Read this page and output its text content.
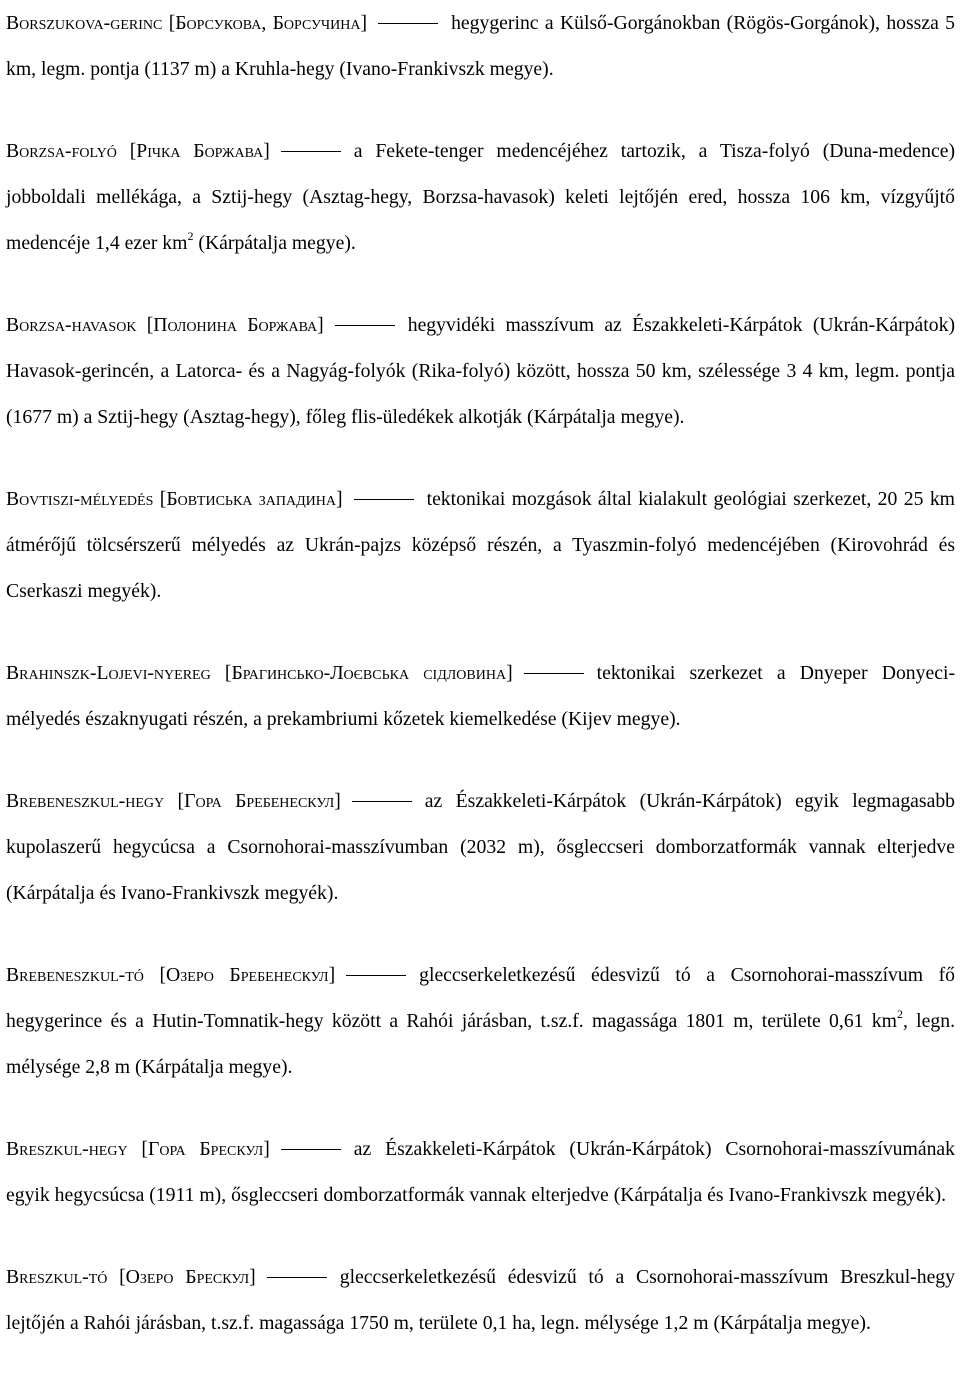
Borszukova-gerinc [Борсукова, Борсучина]	hegygerinc a Külső-Gorgánokban (Rögös-Gorgánok), hossza 5 km, legm. pontja (1137 m) a Kruhla-hegy (Ivano-Frankivszk megye).

Borzsa-folyó [Річка Боржава]	a Fekete-tenger medencéjéhez tartozik, a Tisza-folyó (Duna-medence) jobboldali mellékága, a Sztij-hegy (Asztag-hegy, Borzsa-havasok) keleti lejtőjén ered, hossza 106 km, vízgyűjtő medencéje 1,4 ezer $km^2$ (Kárpátalja megye).

Borzsa-havasok [Полонина Боржава]	hegyvidéki masszívum az Északkeleti-Kárpátok (Ukrán-Kárpátok) Havasok-gerincén, a Latorca- és a Nagyág-folyók (Rika-folyó) között, hossza 50 km, szélessége 3 4 km, legm. pontja (1677 m) a Sztij-hegy (Asztag-hegy), főleg flis-üledékek alkotják (Kárpátalja megye).

Bovtiszi-mélyedés [Бовтиська западина]	tektonikai mozgások által kialakult geológiai szerkezet, 20 25 km átmérőjű tölcsérszerű mélyedés az Ukrán-pajzs középső részén, a Tyaszmin-folyó medencéjében (Kirovohrád és Cserkaszi megyék).

Brahinszk-Lojevi-nyereg [Брагинсько-Лоєвська сідловина]	tektonikai szerkezet a Dnyeper Donyeci-mélyedés északnyugati részén, a prekambriumi kőzetek kiemelkedése (Kijev megye).

Brebeneszkul-hegy [Гора Бребенескул]	az Északkeleti-Kárpátok (Ukrán-Kárpátok) egyik legmagasabb kupolaszerű hegycúcsa a Csornohorai-masszívumban (2032 m), ősgleccseri domborzatformák vannak elterjedve (Kárpátalja és Ivano-Frankivszk megyék).

Brebeneszkul-tó [Озеро Бребенескул]	gleccserkeletkezésű édesvizű tó a Csornohorai-masszívum fő hegygerince és a Hutin-Tomnatik-hegy között a Rahói járásban, t.sz.f. magassága 1801 m, területe 0,61 $km^2$, legn. mélysége 2,8 m (Kárpátalja megye).

Breszkul-hegy [Гора Брескул]	az Északkeleti-Kárpátok (Ukrán-Kárpátok) Csornohorai-masszívumának egyik hegycsúcsa (1911 m), ősgleccseri domborzatformák vannak elterjedve (Kárpátalja és Ivano-Frankivszk megyék).

Breszkul-tó [Озеро Брескул]	gleccserkeletkezésű édesvizű tó a Csornohorai-masszívum Breszkul-hegy lejtőjén a Rahói járásban, t.sz.f. magassága 1750 m, területe 0,1 ha, legn. mélysége 1,2 m (Kárpátalja megye).
